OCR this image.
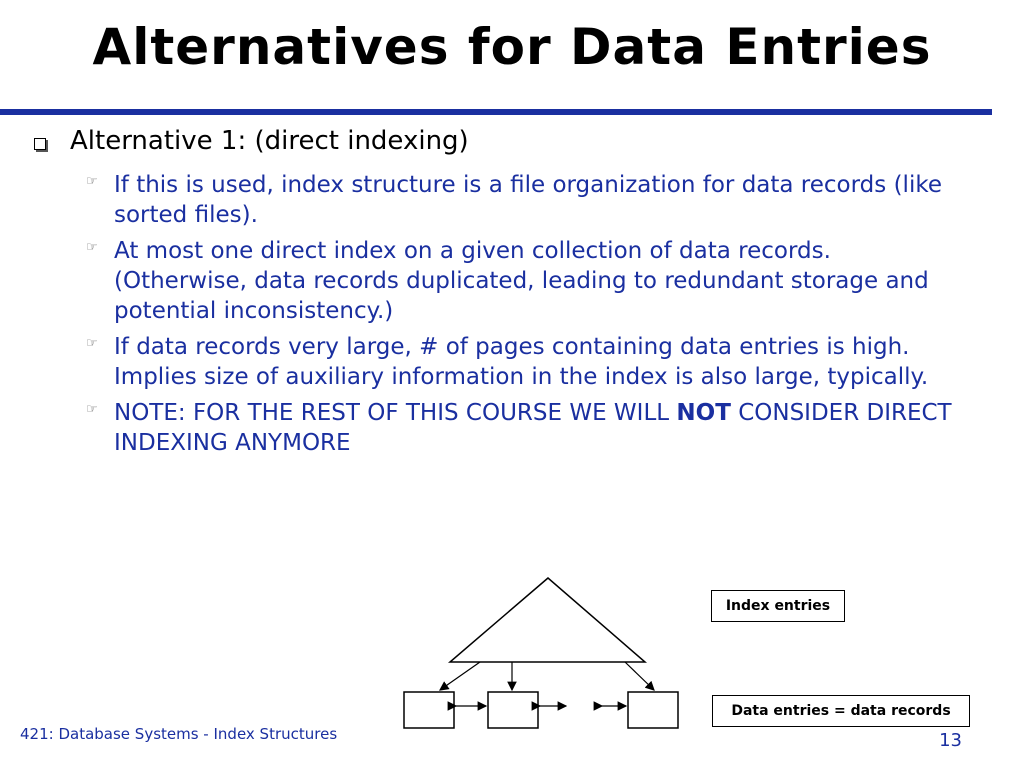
Alternatives for Data Entries
Alternative 1: (direct indexing)
☞ If this is used, index structure is a file organization for data records (like sorted files).
☞ At most one direct index on a given collection of data records. (Otherwise, data records duplicated, leading to redundant storage and potential inconsistency.)
☞ If data records very large, # of pages containing data entries is high. Implies size of auxiliary information in the index is also large, typically.
☞ NOTE: FOR THE REST OF THIS COURSE WE WILL NOT CONSIDER DIRECT INDEXING ANYMORE
Index entries
Data entries = data records
421: Database Systems - Index Structures	13
